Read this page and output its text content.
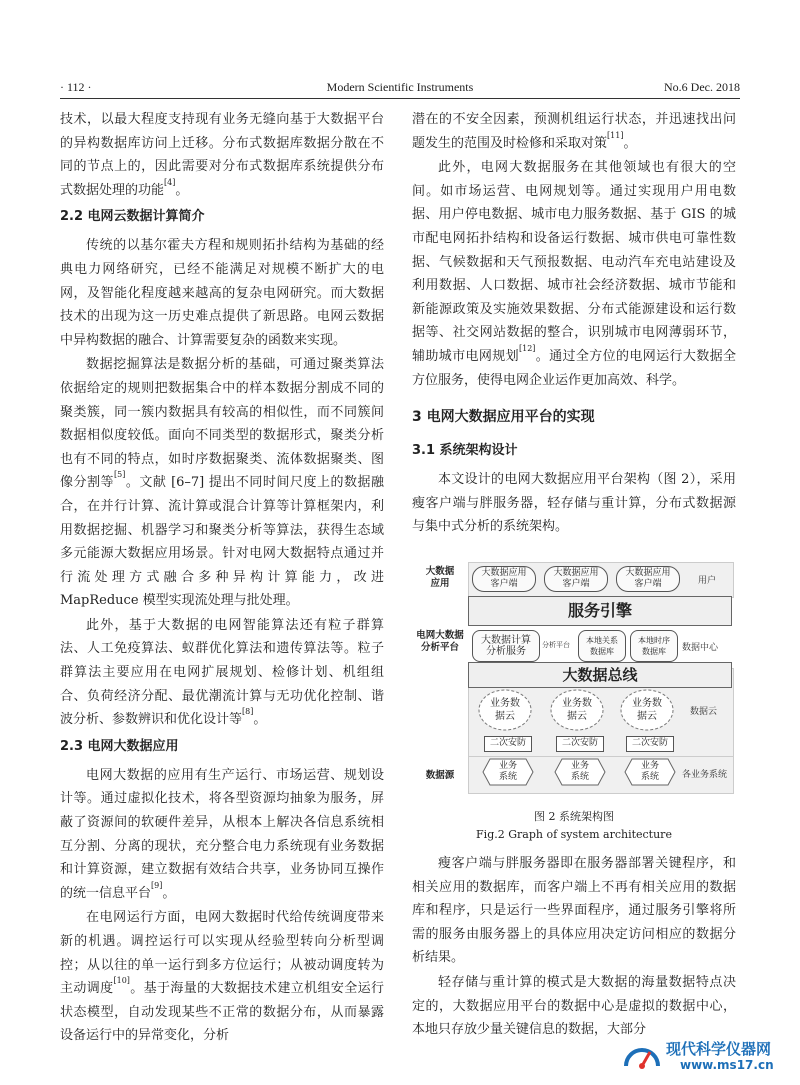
· 112 ·	Modern Scientific Instruments	No.6 Dec. 2018

技术，以最大程度支持现有业务无缝向基于大数据平台的异构数据库访问上迁移。分布式数据库数据分散在不同的节点上的，因此需要对分布式数据库系统提供分布式数据处理的功能[4]。

2.2 电网云数据计算简介

传统的以基尔霍夫方程和规则拓扑结构为基础的经典电力网络研究，已经不能满足对规模不断扩大的电网，及智能化程度越来越高的复杂电网研究。而大数据技术的出现为这一历史难点提供了新思路。电网云数据中异构数据的融合、计算需要复杂的函数来实现。

数据挖掘算法是数据分析的基础，可通过聚类算法依据给定的规则把数据集合中的样本数据分割成不同的聚类簇，同一簇内数据具有较高的相似性，而不同簇间数据相似度较低。面向不同类型的数据形式，聚类分析也有不同的特点，如时序数据聚类、流体数据聚类、图像分割等[5]。文献 [6–7] 提出不同时间尺度上的数据融合，在并行计算、流计算或混合计算等计算框架内，利用数据挖掘、机器学习和聚类分析等算法，获得生态域多元能源大数据应用场景。针对电网大数据特点通过并行流处理方式融合多种异构计算能力，改进 MapReduce 模型实现流处理与批处理。

此外，基于大数据的电网智能算法还有粒子群算法、人工免疫算法、蚁群优化算法和遗传算法等。粒子群算法主要应用在电网扩展规划、检修计划、机组组合、负荷经济分配、最优潮流计算与无功优化控制、谐波分析、参数辨识和优化设计等[8]。

2.3 电网大数据应用

电网大数据的应用有生产运行、市场运营、规划设计等。通过虚拟化技术，将各型资源均抽象为服务，屏蔽了资源间的软硬件差异，从根本上解决各信息系统相互分割、分离的现状，充分整合电力系统现有业务数据和计算资源，建立数据有效结合共享，业务协同互操作的统一信息平台[9]。

在电网运行方面，电网大数据时代给传统调度带来新的机遇。调控运行可以实现从经验型转向分析型调控；从以往的单一运行到多方位运行；从被动调度转为主动调度[10]。基于海量的大数据技术建立机组安全运行状态模型，自动发现某些不正常的数据分布，从而暴露设备运行中的异常变化，分析

潜在的不安全因素，预测机组运行状态，并迅速找出问题发生的范围及时检修和采取对策[11]。

此外，电网大数据服务在其他领域也有很大的空间。如市场运营、电网规划等。通过实现用户用电数据、用户停电数据、城市电力服务数据、基于 GIS 的城市配电网拓扑结构和设备运行数据、城市供电可靠性数据、气候数据和天气预报数据、电动汽车充电站建设及利用数据、人口数据、城市社会经济数据、城市节能和新能源政策及实施效果数据、分布式能源建设和运行数据等、社交网站数据的整合，识别城市电网薄弱环节，辅助城市电网规划[12]。通过全方位的电网运行大数据全方位服务，使得电网企业运作更加高效、科学。

3 电网大数据应用平台的实现
3.1 系统架构设计

本文设计的电网大数据应用平台架构（图 2），采用瘦客户端与胖服务器，轻存储与重计算，分布式数据源与集中式分析的系统架构。

大数据
应用
电网大数据
分析平台
数据源
大数据应用
客户端
大数据应用
客户端
大数据应用
客户端	用户
服务引擎
大数据计算
分析服务
分析平台	本地关系
数据库
本地时序
数据库	数据中心
大数据总线
业务数
据云
业务数
据云
业务数
据云	数据云
二次安防	二次安防	二次安防
业务
系统
业务
系统
业务
系统	各业务系统
图 2 系统架构图
Fig.2 Graph of system architecture

瘦客户端与胖服务器即在服务器部署关键程序，和相关应用的数据库，而客户端上不再有相关应用的数据库和程序，只是运行一些界面程序，通过服务引擎将所需的服务由服务器上的具体应用决定访问相应的数据分析结果。

轻存储与重计算的模式是大数据的海量数据特点决定的，大数据应用平台的数据中心是虚拟的数据中心，本地只存放少量关键信息的数据，大部分

现代科学仪器网
www.ms17.cn
